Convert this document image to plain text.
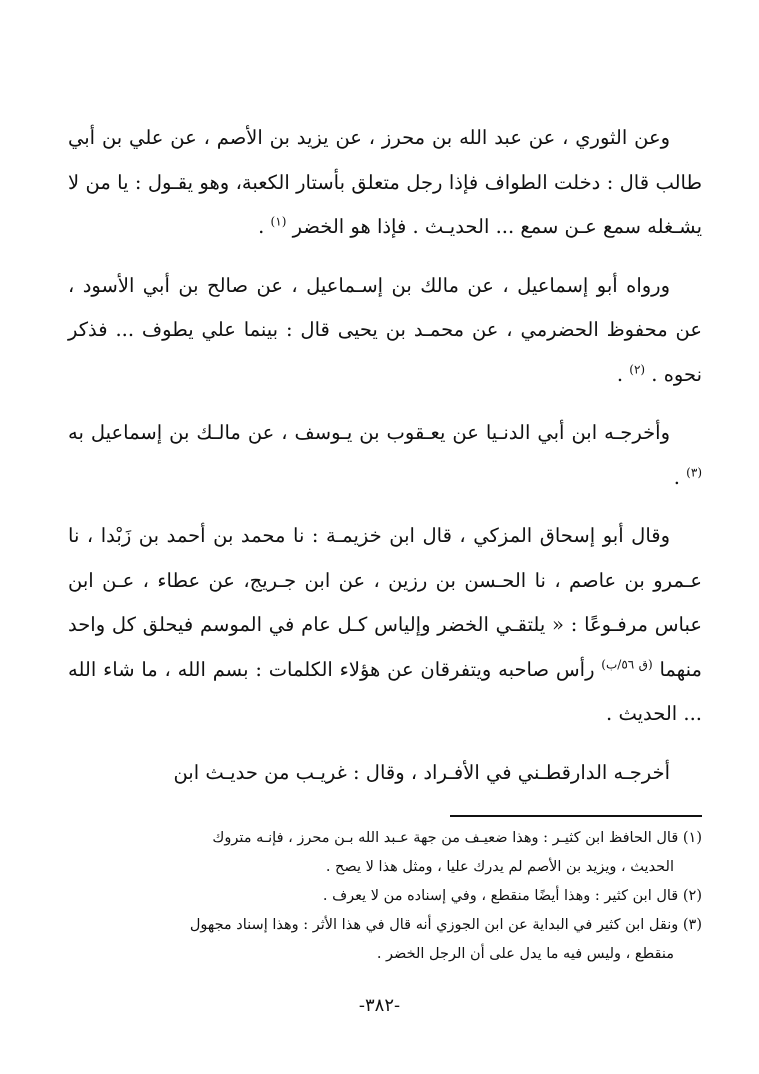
وعن الثوري ، عن عبد الله بن محرز ، عن يزيد بن الأصم ، عن علي بن أبي طالب قال : دخلت الطواف فإذا رجل متعلق بأستار الكعبة، وهو يقـول : يا من لا يشـغله سمع عـن سمع ... الحديـث . فإذا هو الخضر $^{(١)}$ .

ورواه أبو إسماعيل ، عن مالك بن إسـماعيل ، عن صالح بن أبي الأسود ، عن محفوظ الحضرمي ، عن محمـد بن يحيى قال : بينما علي يطوف ... فذكر نحوه . $^{(٢)}$ .

وأخرجـه ابن أبي الدنـيا عن يعـقوب بن يـوسف ، عن مالـك بن إسماعيل به $^{(٣)}$ .

وقال أبو إسحاق المزكي ، قال ابن خزيمـة : نا محمد بن أحمد بن زَبْدا ، نا عـمرو بن عاصم ، نا الحـسن بن رزين ، عن ابن جـريج، عن عطاء ، عـن ابن عباس مرفـوعًا : « يلتقـي الخضر وإلياس كـل عام في الموسم فيحلق كل واحد منهما $^{(ق ٥٦/ب)}$ رأس صاحبه ويتفرقان عن هؤلاء الكلمات : بسم الله ، ما شاء الله ... الحديث .

أخرجـه الدارقطـني في الأفـراد ، وقال : غريـب من حديـث ابن

(١) قال الحافظ ابن كثيـر : وهذا ضعيـف من جهة عـبد الله بـن محرز ، فإنـه متروك

الحديث ، ويزيد بن الأصم لم يدرك عليا ، ومثل هذا لا يصح .

(٢) قال ابن كثير : وهذا أيضًا منقطع ، وفي إسناده من لا يعرف .

(٣) ونقل ابن كثير في البداية عن ابن الجوزي أنه قال في هذا الأثر : وهذا إسناد مجهول

منقطع ، وليس فيه ما يدل على أن الرجل الخضر .

-٣٨٢-
